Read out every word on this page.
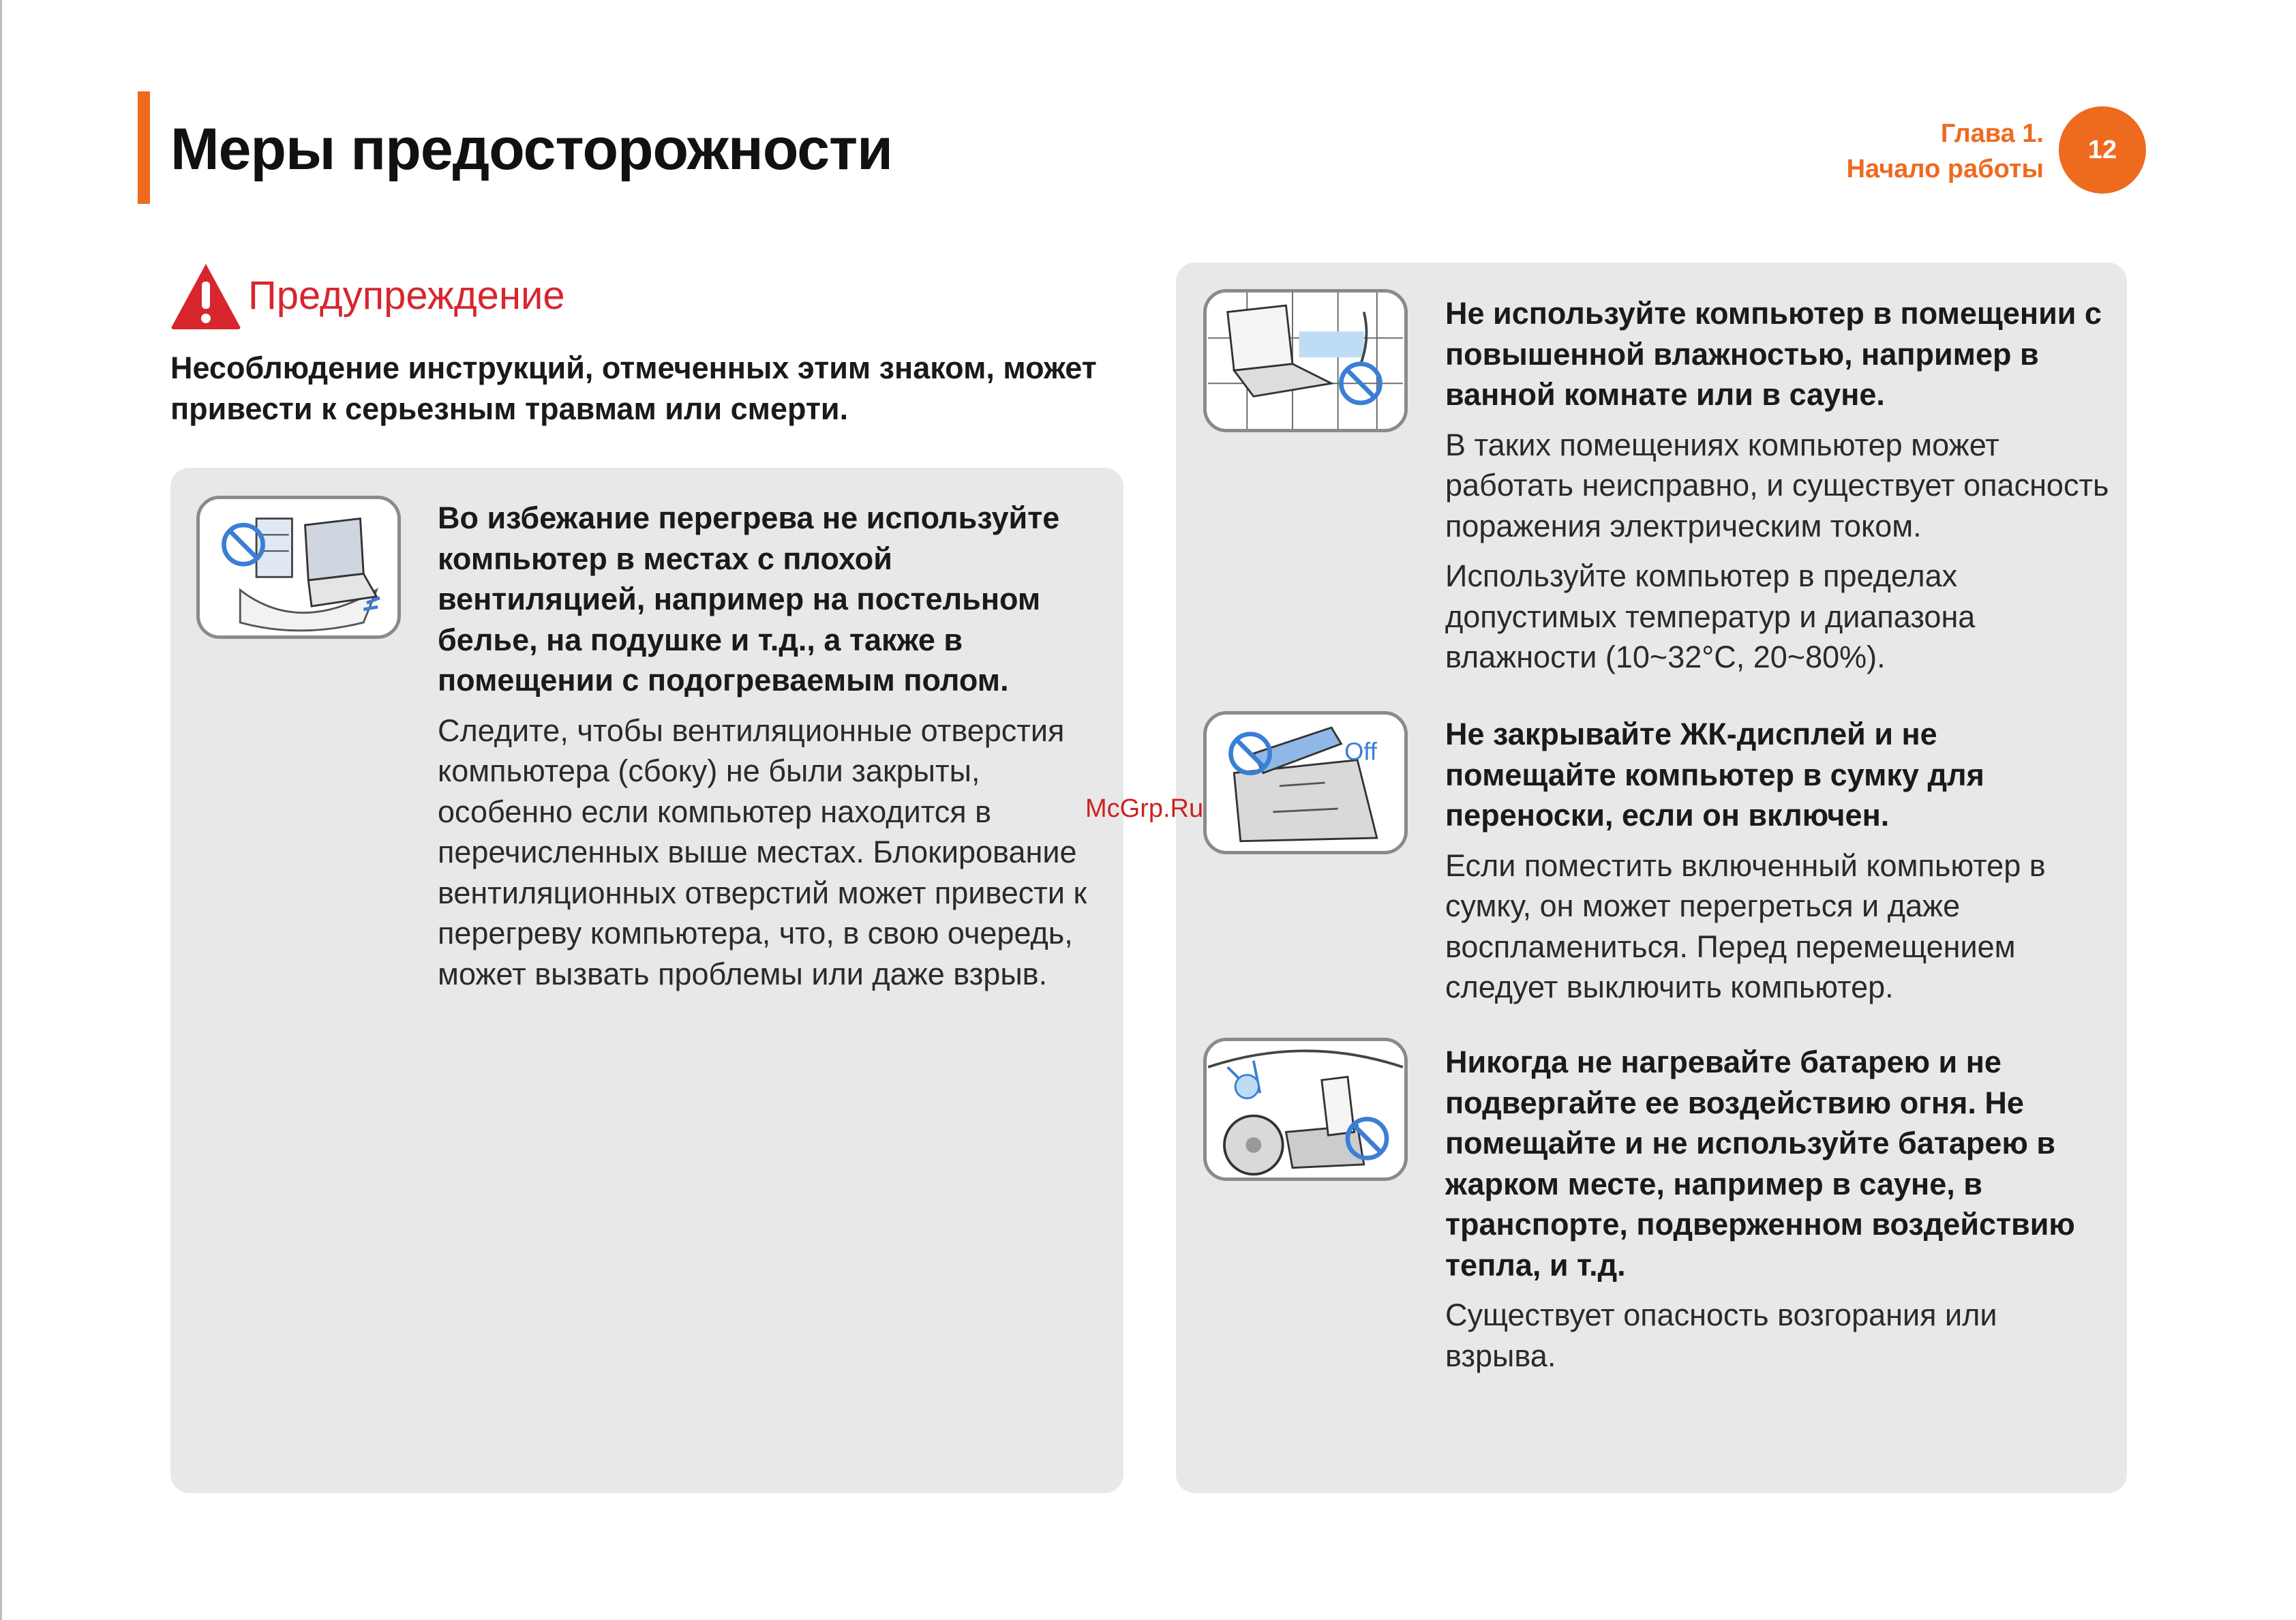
Меры предосторожности	Глава 1.
Начало работы
12
Предупреждение
Несоблюдение инструкций, отмеченных этим знаком, может привести к серьезным травмам или смерти.
Во избежание перегрева не используйте компьютер в местах с плохой вентиляцией, например на постельном белье, на подушке и т.д., а также в помещении с подогреваемым полом.
Следите, чтобы вентиляционные отверстия компьютера (сбоку) не были закрыты, особенно если компьютер находится в перечисленных выше местах. Блокирование вентиляционных отверстий может привести к перегреву компьютера, что, в свою очередь, может вызвать проблемы или даже взрыв.
Не используйте компьютер в помещении с повышенной влажностью, например в ванной комнате или в сауне.
В таких помещениях компьютер может работать неисправно, и существует опасность поражения электрическим током.
Используйте компьютер в пределах допустимых температур и диапазона влажности (10~32°C, 20~80%).
Off
Не закрывайте ЖК-дисплей и не помещайте компьютер в сумку для переноски, если он включен.
Если поместить включенный компьютер в сумку, он может перегреться и даже воспламениться. Перед перемещением следует выключить компьютер.
Никогда не нагревайте батарею и не подвергайте ее воздействию огня. Не помещайте и не используйте батарею в жарком месте, например в сауне, в транспорте, подверженном воздействию тепла, и т.д.
Существует опасность возгорания или взрыва.
McGrp.Ru
